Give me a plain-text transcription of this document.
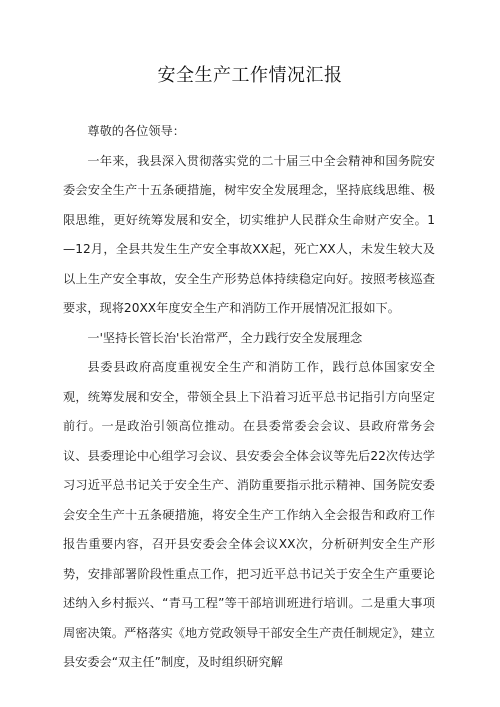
安全生产工作情况汇报

尊敬的各位领导：

一年来，我县深入贯彻落实党的二十届三中全会精神和国务院安委会安全生产十五条硬措施，树牢安全发展理念，坚持底线思维、极限思维，更好统筹发展和安全，切实维护人民群众生命财产安全。1—12月，全县共发生生产安全事故XX起，死亡XX人，未发生较大及以上生产安全事故，安全生产形势总体持续稳定向好。按照考核巡查要求，现将20XX年度安全生产和消防工作开展情况汇报如下。

一'坚持长管长治'长治常严，全力践行安全发展理念

县委县政府高度重视安全生产和消防工作，践行总体国家安全观，统筹发展和安全，带领全县上下沿着习近平总书记指引方向坚定前行。一是政治引领高位推动。在县委常委会会议、县政府常务会议、县委理论中心组学习会议、县安委会全体会议等先后22次传达学习习近平总书记关于安全生产、消防重要指示批示精神、国务院安委会安全生产十五条硬措施，将安全生产工作纳入全会报告和政府工作报告重要内容，召开县安委会全体会议XX次，分析研判安全生产形势，安排部署阶段性重点工作，把习近平总书记关于安全生产重要论述纳入乡村振兴、“青马工程”等干部培训班进行培训。二是重大事项周密决策。严格落实《地方党政领导干部安全生产责任制规定》，建立县安委会“双主任”制度，及时组织研究解
